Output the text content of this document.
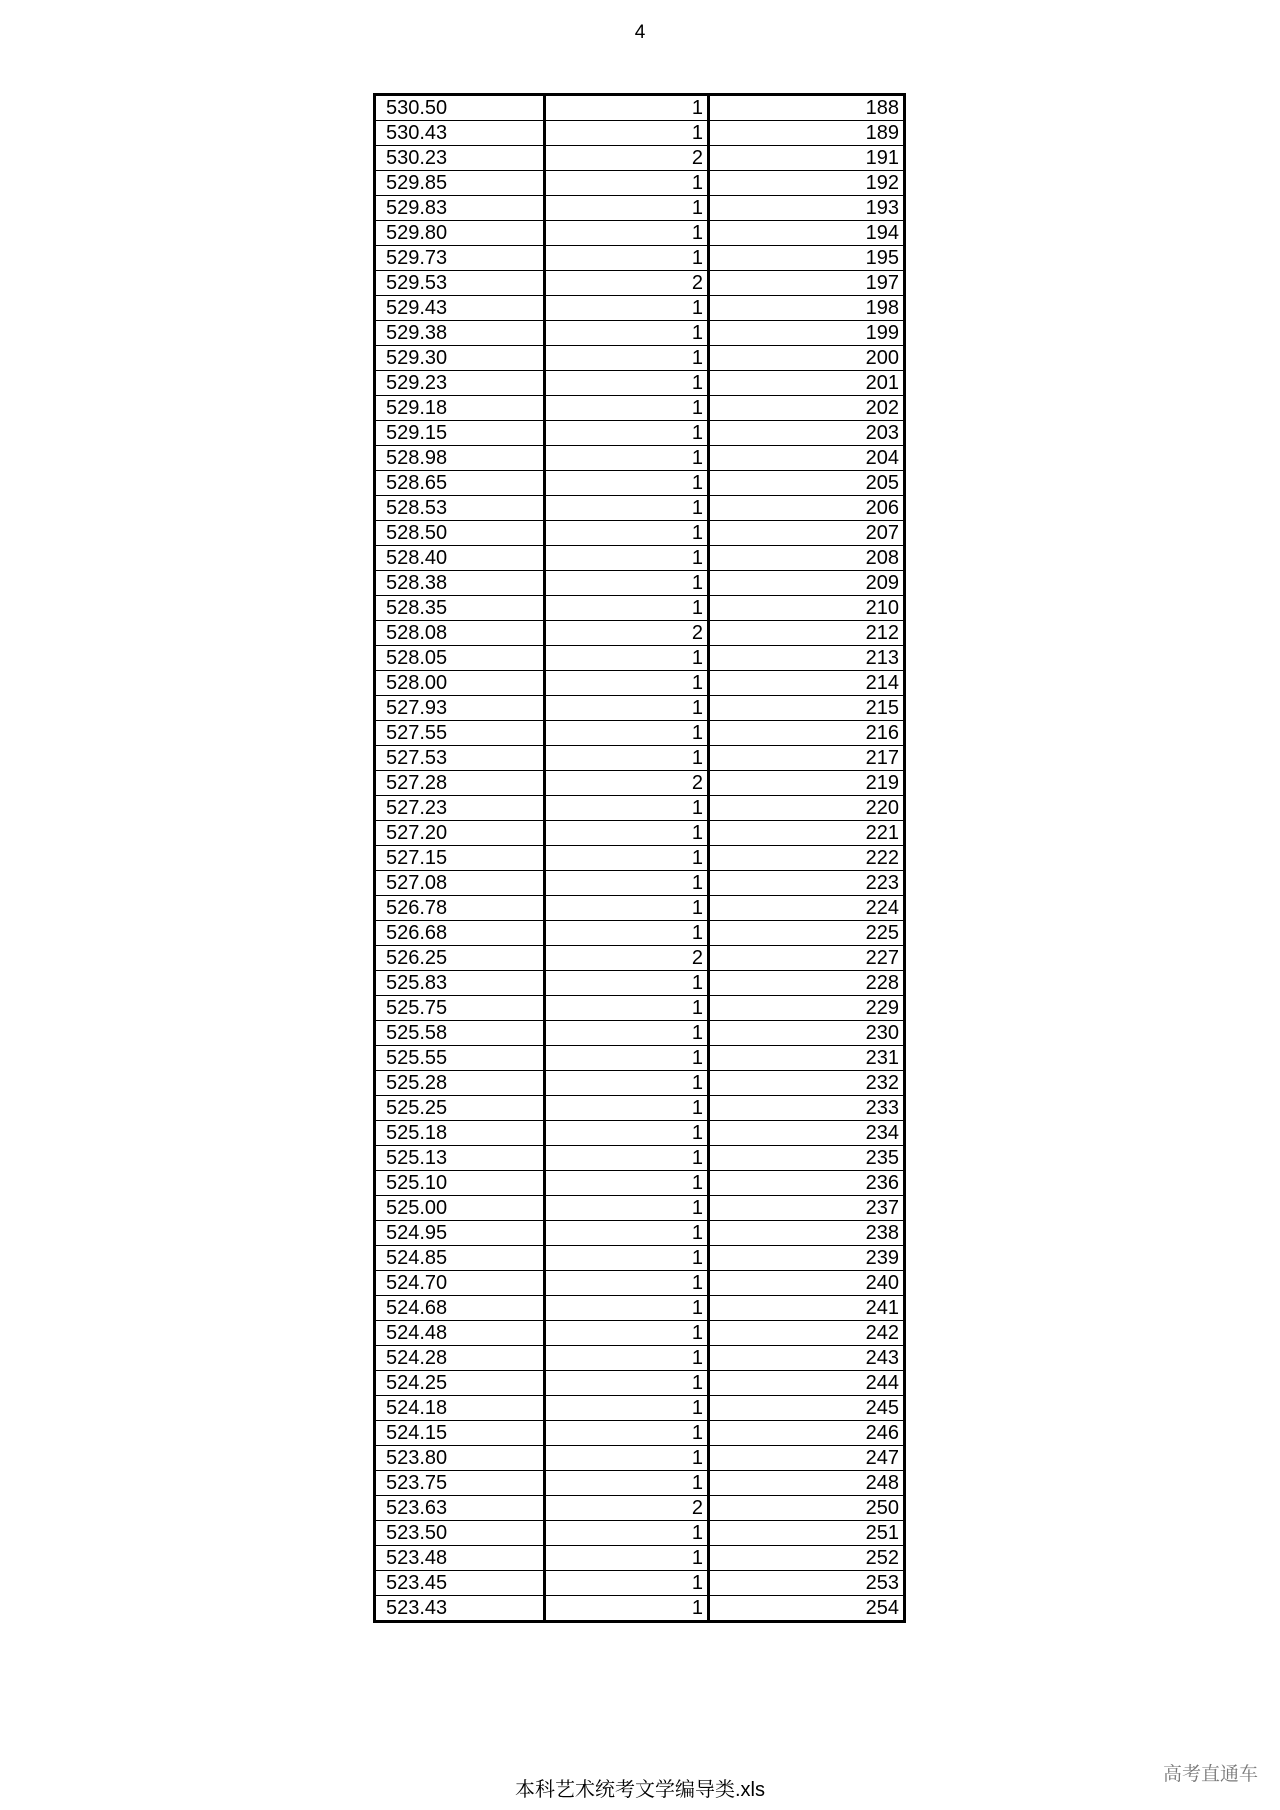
4
530.50	1	188
530.43	1	189
530.23	2	191
529.85	1	192
529.83	1	193
529.80	1	194
529.73	1	195
529.53	2	197
529.43	1	198
529.38	1	199
529.30	1	200
529.23	1	201
529.18	1	202
529.15	1	203
528.98	1	204
528.65	1	205
528.53	1	206
528.50	1	207
528.40	1	208
528.38	1	209
528.35	1	210
528.08	2	212
528.05	1	213
528.00	1	214
527.93	1	215
527.55	1	216
527.53	1	217
527.28	2	219
527.23	1	220
527.20	1	221
527.15	1	222
527.08	1	223
526.78	1	224
526.68	1	225
526.25	2	227
525.83	1	228
525.75	1	229
525.58	1	230
525.55	1	231
525.28	1	232
525.25	1	233
525.18	1	234
525.13	1	235
525.10	1	236
525.00	1	237
524.95	1	238
524.85	1	239
524.70	1	240
524.68	1	241
524.48	1	242
524.28	1	243
524.25	1	244
524.18	1	245
524.15	1	246
523.80	1	247
523.75	1	248
523.63	2	250
523.50	1	251
523.48	1	252
523.45	1	253
523.43	1	254
本科艺术统考文学编导类.xls
高考直通车
